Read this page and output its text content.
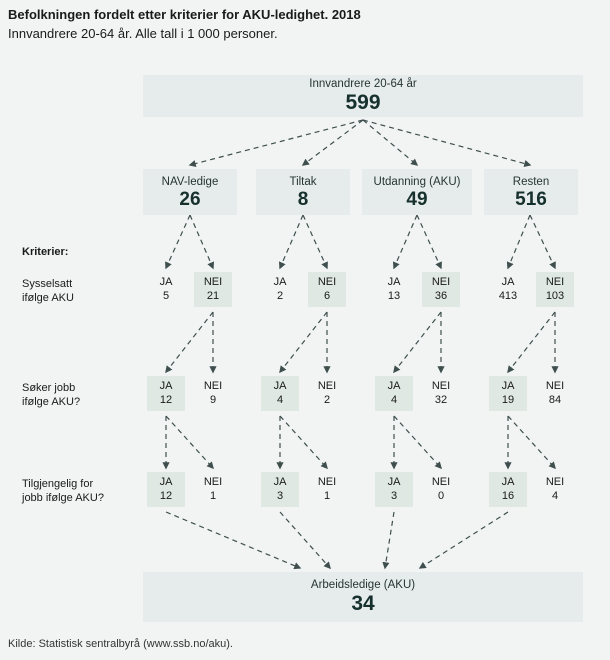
Befolkningen fordelt etter kriterier for AKU-ledighet. 2018
Innvandrere 20-64 år. Alle tall i 1 000 personer.
Innvandrere 20-64 år
599
NAV-ledige
26
Tiltak
8
Utdanning (AKU)
49
Resten
516
Kriterier:
Sysselsatt
ifølge AKU
Søker jobb
ifølge AKU?
Tilgjengelig for
jobb ifølge AKU?
JA
5
NEI
21
JA
2
NEI
6
JA
13
NEI
36
JA
413
NEI
103
JA
12
NEI
9
JA
4
NEI
2
JA
4
NEI
32
JA
19
NEI
84
JA
12
NEI
1
JA
3
NEI
1
JA
3
NEI
0
JA
16
NEI
4
Arbeidsledige (AKU)
34
Kilde: Statistisk sentralbyrå (www.ssb.no/aku).
